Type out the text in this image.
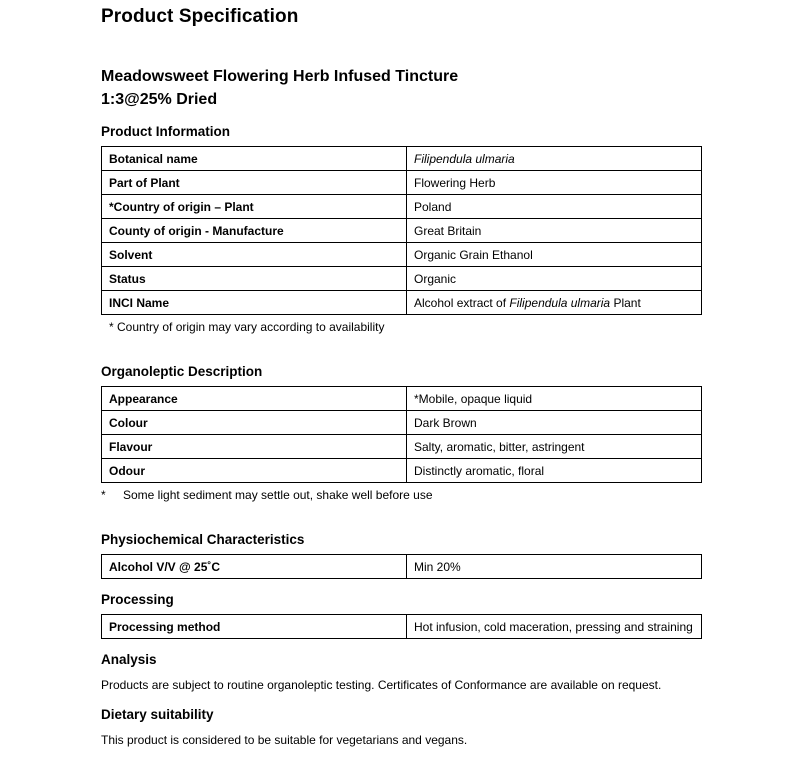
Product Specification
Meadowsweet Flowering Herb Infused Tincture
1:3@25% Dried
Product Information
Botanical name	Filipendula ulmaria
Part of Plant	Flowering Herb
*Country of origin – Plant	Poland
County of origin - Manufacture	Great Britain
Solvent	Organic Grain Ethanol
Status	Organic
INCI Name	Alcohol extract of Filipendula ulmaria Plant

* Country of origin may vary according to availability

Organoleptic Description
Appearance	*Mobile, opaque liquid
Colour	Dark Brown
Flavour	Salty, aromatic, bitter, astringent
Odour	Distinctly aromatic, floral

* Some light sediment may settle out, shake well before use

Physiochemical Characteristics
Alcohol V/V @ 25˚C	Min 20%
Processing
Processing method	Hot infusion, cold maceration, pressing and straining
Analysis

Products are subject to routine organoleptic testing. Certificates of Conformance are available on request.

Dietary suitability

This product is considered to be suitable for vegetarians and vegans.
